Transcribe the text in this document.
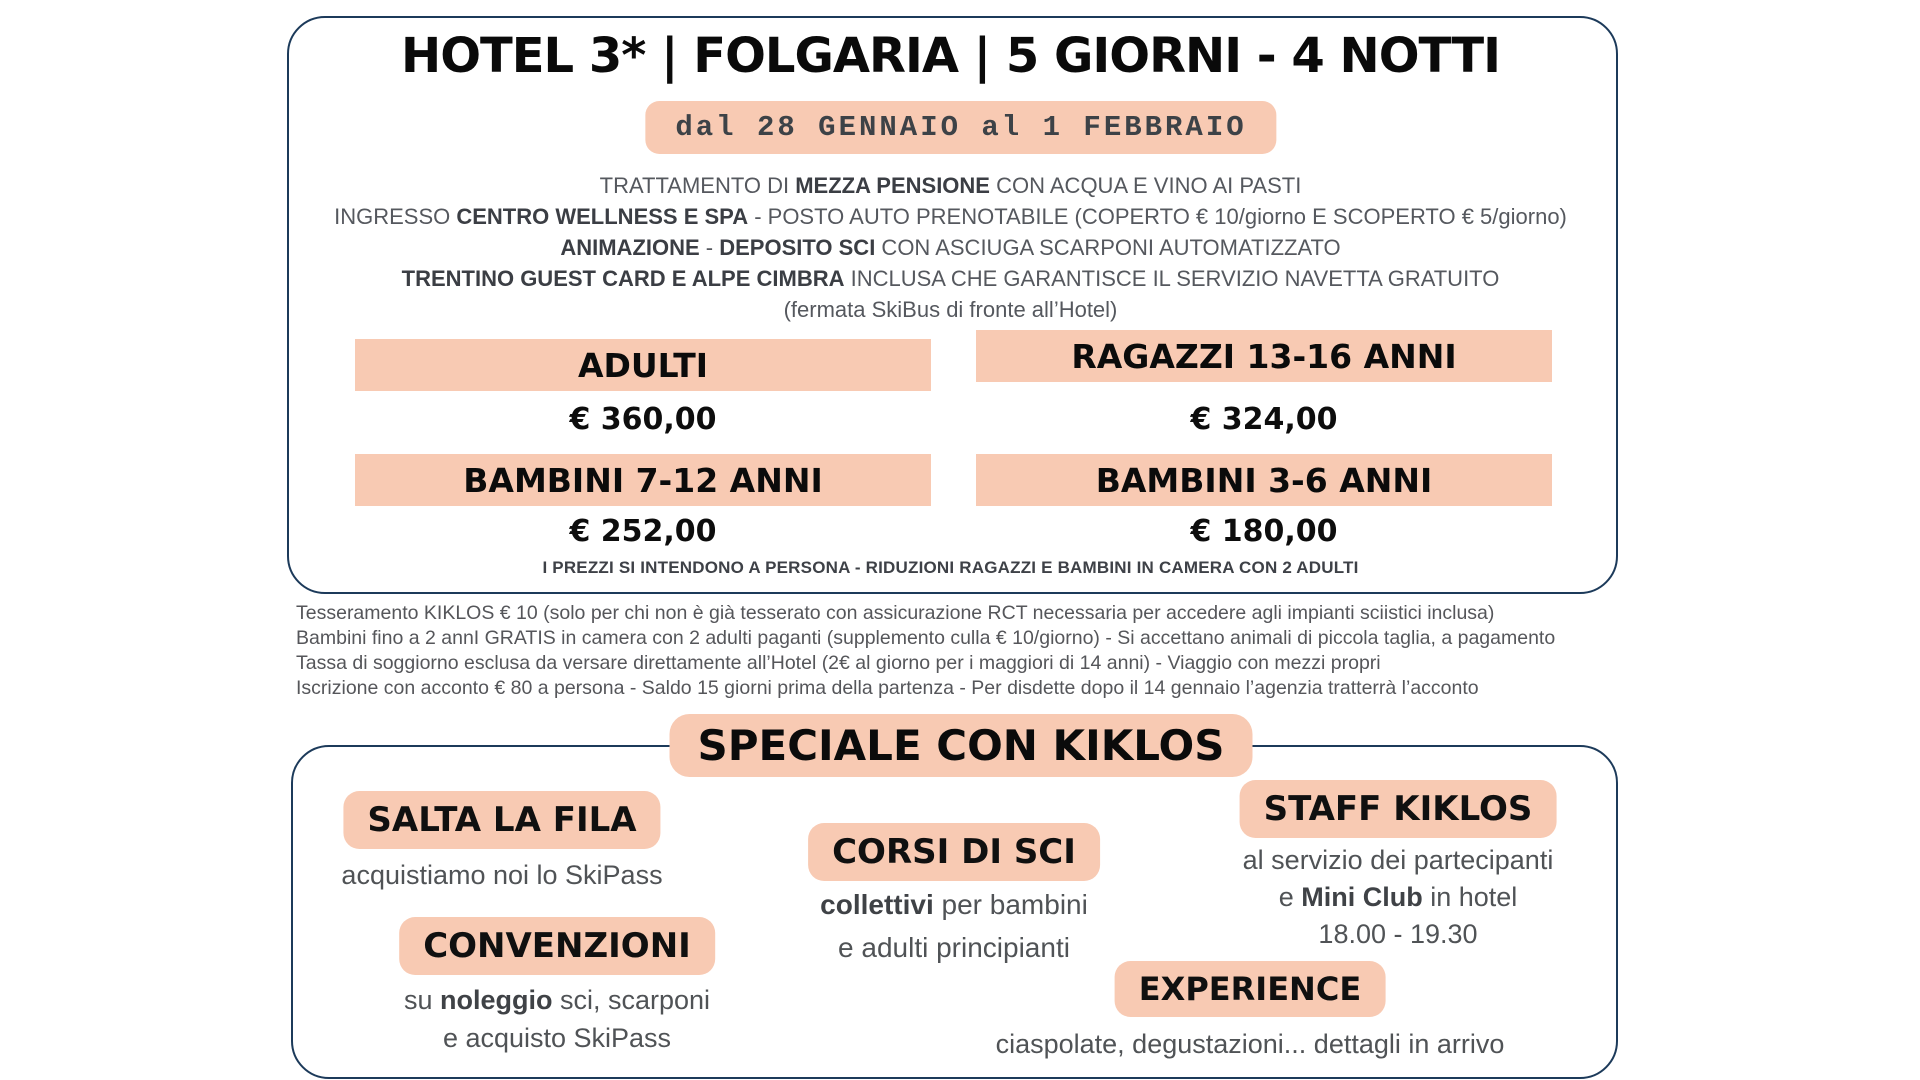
HOTEL 3* | FOLGARIA | 5 GIORNI - 4 NOTTI
dal 28 GENNAIO al 1 FEBBRAIO
TRATTAMENTO DI MEZZA PENSIONE CON ACQUA E VINO AI PASTI
INGRESSO CENTRO WELLNESS E SPA - POSTO AUTO PRENOTABILE (COPERTO € 10/giorno E SCOPERTO € 5/giorno)
ANIMAZIONE - DEPOSITO SCI CON ASCIUGA SCARPONI AUTOMATIZZATO
TRENTINO GUEST CARD E ALPE CIMBRA INCLUSA CHE GARANTISCE IL SERVIZIO NAVETTA GRATUITO
(fermata SkiBus di fronte all’Hotel)
ADULTI	RAGAZZI 13-16 ANNI
€ 360,00	€ 324,00
BAMBINI 7-12 ANNI	BAMBINI 3-6 ANNI
€ 252,00	€ 180,00
I PREZZI SI INTENDONO A PERSONA - RIDUZIONI RAGAZZI E BAMBINI IN CAMERA CON 2 ADULTI
Tesseramento KIKLOS € 10 (solo per chi non è già tesserato con assicurazione RCT necessaria per accedere agli impianti sciistici inclusa)
Bambini fino a 2 annI GRATIS in camera con 2 adulti paganti (supplemento culla € 10/giorno) - Si accettano animali di piccola taglia, a pagamento
Tassa di soggiorno esclusa da versare direttamente all’Hotel (2€ al giorno per i maggiori di 14 anni) - Viaggio con mezzi propri
Iscrizione con acconto € 80 a persona - Saldo 15 giorni prima della partenza - Per disdette dopo il 14 gennaio l’agenzia tratterrà l’acconto
SPECIALE CON KIKLOS
SALTA LA FILA
acquistiamo noi lo SkiPass
CONVENZIONI
su noleggio sci, scarponi
e acquisto SkiPass
CORSI DI SCI
collettivi per bambini
e adulti principianti
STAFF KIKLOS
al servizio dei partecipanti
e Mini Club in hotel
18.00 - 19.30
EXPERIENCE
ciaspolate, degustazioni... dettagli in arrivo
